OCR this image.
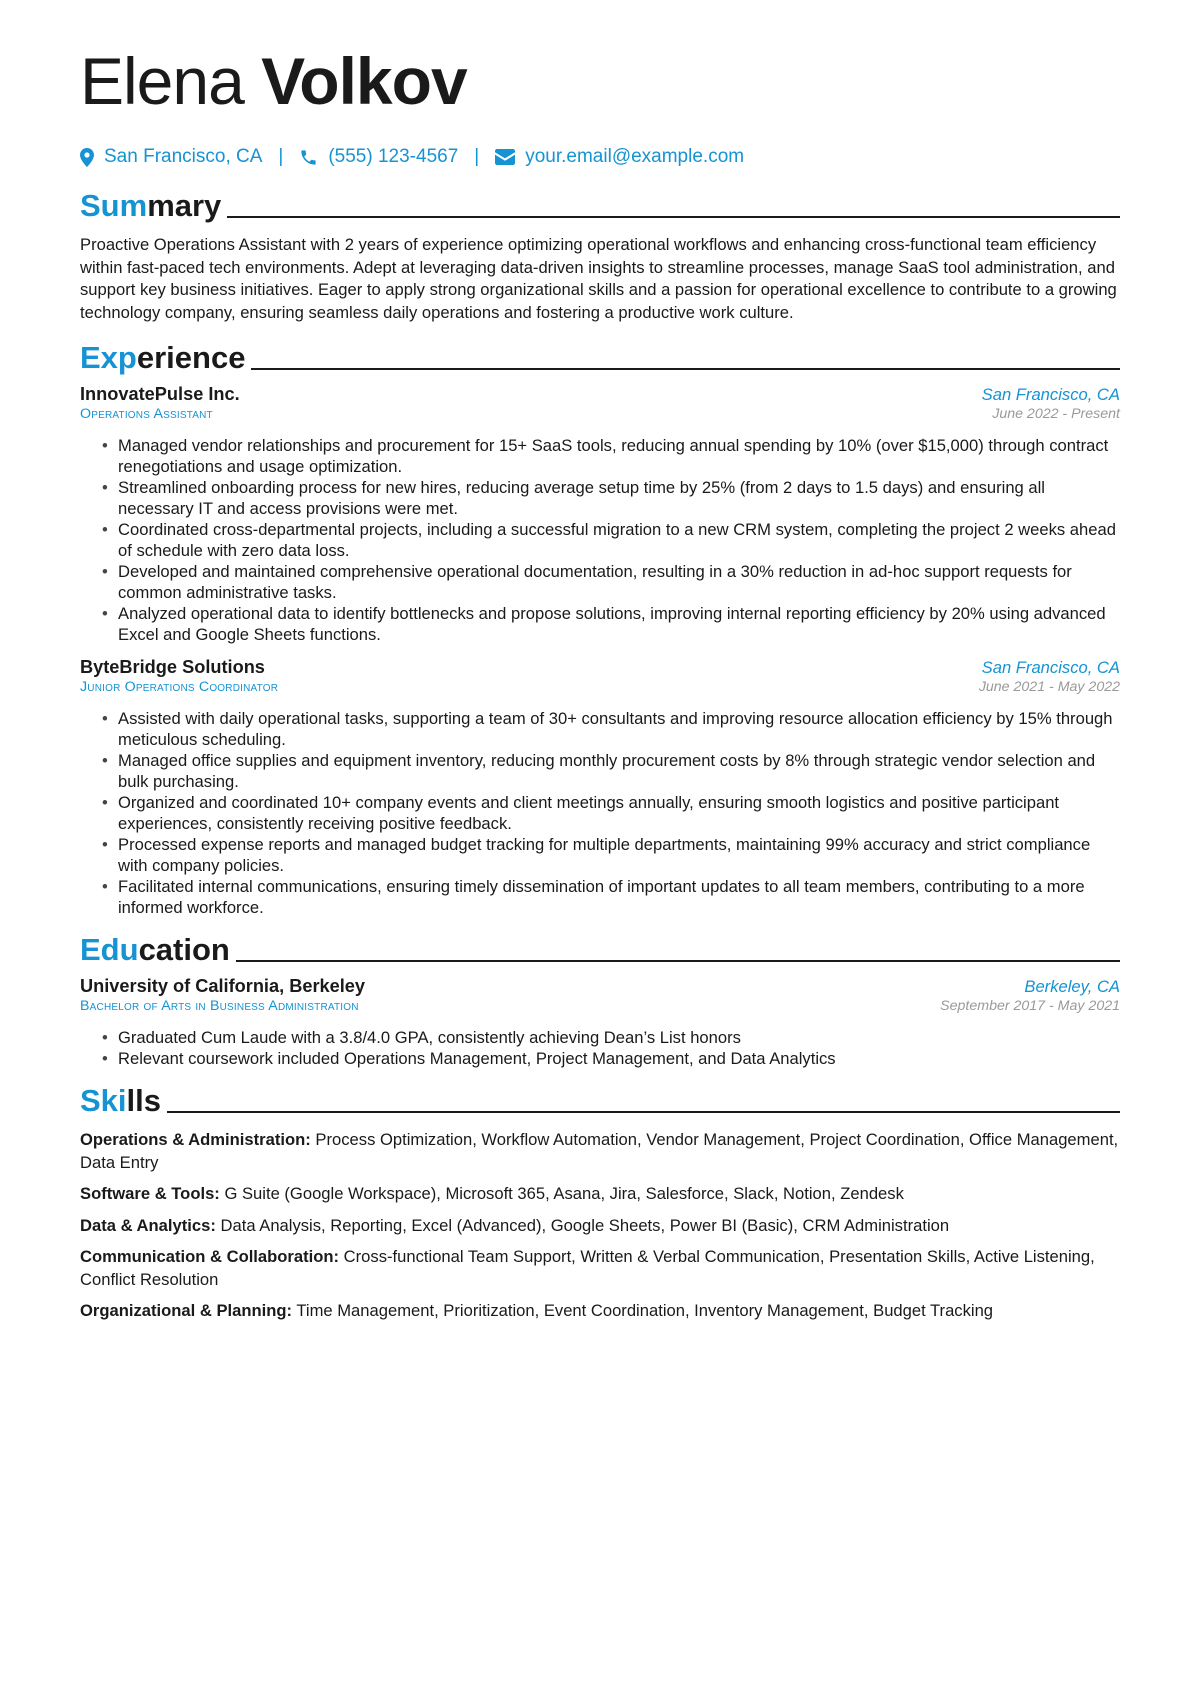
Elena Volkov
San Francisco, CA | (555) 123-4567 | your.email@example.com
Sum mary

Proactive Operations Assistant with 2 years of experience optimizing operational workflows and enhancing cross-functional team efficiency within fast-paced tech environments. Adept at leveraging data-driven insights to streamline processes, manage SaaS tool administration, and support key business initiatives. Eager to apply strong organizational skills and a passion for operational excellence to contribute to a growing technology company, ensuring seamless daily operations and fostering a productive work culture.

Exp erience
InnovatePulse Inc.	San Francisco, CA
Operations Assistant	June 2022 - Present
• Managed vendor relationships and procurement for 15+ SaaS tools, reducing annual spending by 10% (over $15,000) through contract renegotiations and usage optimization.
• Streamlined onboarding process for new hires, reducing average setup time by 25% (from 2 days to 1.5 days) and ensuring all necessary IT and access provisions were met.
• Coordinated cross-departmental projects, including a successful migration to a new CRM system, completing the project 2 weeks ahead of schedule with zero data loss.
• Developed and maintained comprehensive operational documentation, resulting in a 30% reduction in ad-hoc support requests for common administrative tasks.
• Analyzed operational data to identify bottlenecks and propose solutions, improving internal reporting efficiency by 20% using advanced Excel and Google Sheets functions.
ByteBridge Solutions	San Francisco, CA
Junior Operations Coordinator	June 2021 - May 2022
• Assisted with daily operational tasks, supporting a team of 30+ consultants and improving resource allocation efficiency by 15% through meticulous scheduling.
• Managed office supplies and equipment inventory, reducing monthly procurement costs by 8% through strategic vendor selection and bulk purchasing.
• Organized and coordinated 10+ company events and client meetings annually, ensuring smooth logistics and positive participant experiences, consistently receiving positive feedback.
• Processed expense reports and managed budget tracking for multiple departments, maintaining 99% accuracy and strict compliance with company policies.
• Facilitated internal communications, ensuring timely dissemination of important updates to all team members, contributing to a more informed workforce.
Edu cation
University of California, Berkeley	Berkeley, CA
Bachelor of Arts in Business Administration	September 2017 - May 2021
• Graduated Cum Laude with a 3.8/4.0 GPA, consistently achieving Dean’s List honors
• Relevant coursework included Operations Management, Project Management, and Data Analytics
Ski lls

Operations & Administration: Process Optimization, Workflow Automation, Vendor Management, Project Coordination, Office Management, Data Entry

Software & Tools: G Suite (Google Workspace), Microsoft 365, Asana, Jira, Salesforce, Slack, Notion, Zendesk

Data & Analytics: Data Analysis, Reporting, Excel (Advanced), Google Sheets, Power BI (Basic), CRM Administration

Communication & Collaboration: Cross-functional Team Support, Written & Verbal Communication, Presentation Skills, Active Listening, Conflict Resolution

Organizational & Planning: Time Management, Prioritization, Event Coordination, Inventory Management, Budget Tracking
